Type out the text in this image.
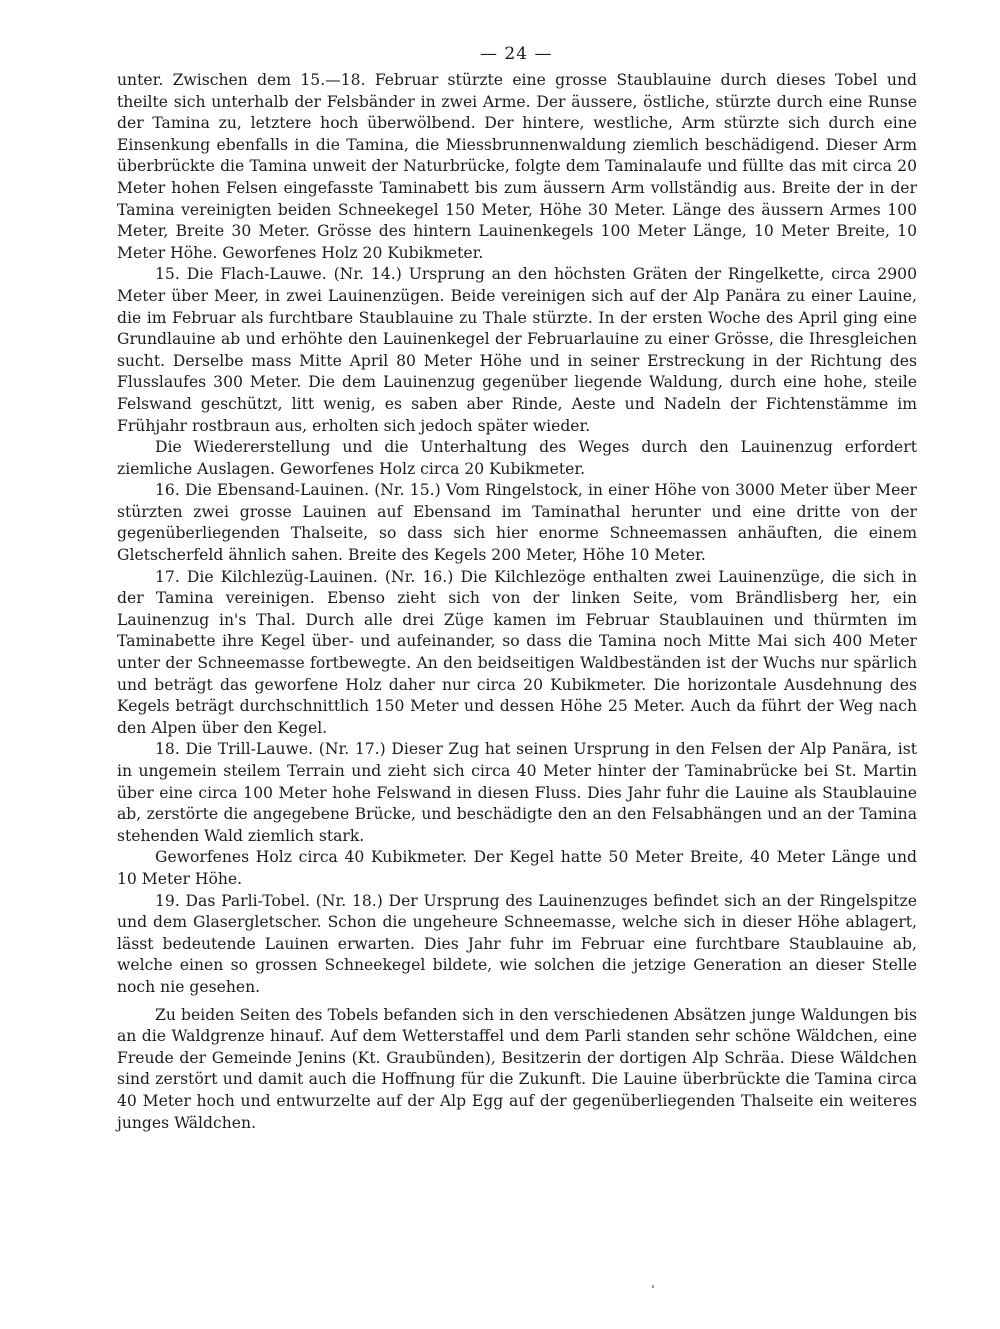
— 24 —

unter. Zwischen dem 15.—18. Februar stürzte eine grosse Staublauine durch dieses Tobel und theilte sich unterhalb der Felsbänder in zwei Arme. Der äussere, östliche, stürzte durch eine Runse der Tamina zu, letztere hoch überwölbend. Der hintere, westliche, Arm stürzte sich durch eine Einsenkung ebenfalls in die Tamina, die Miessbrunnenwaldung ziemlich beschädigend. Dieser Arm überbrückte die Tamina unweit der Naturbrücke, folgte dem Taminalaufe und füllte das mit circa 20 Meter hohen Felsen eingefasste Taminabett bis zum äussern Arm vollständig aus. Breite der in der Tamina vereinigten beiden Schneekegel 150 Meter, Höhe 30 Meter. Länge des äussern Armes 100 Meter, Breite 30 Meter. Grösse des hintern Lauinenkegels 100 Meter Länge, 10 Meter Breite, 10 Meter Höhe. Geworfenes Holz 20 Kubikmeter.

15. Die Flach-Lauwe. (Nr. 14.) Ursprung an den höchsten Gräten der Ringelkette, circa 2900 Meter über Meer, in zwei Lauinenzügen. Beide vereinigen sich auf der Alp Panära zu einer Lauine, die im Februar als furchtbare Staublauine zu Thale stürzte. In der ersten Woche des April ging eine Grundlauine ab und erhöhte den Lauinenkegel der Februarlauine zu einer Grösse, die Ihresgleichen sucht. Derselbe mass Mitte April 80 Meter Höhe und in seiner Erstreckung in der Richtung des Flusslaufes 300 Meter. Die dem Lauinenzug gegenüber liegende Waldung, durch eine hohe, steile Felswand geschützt, litt wenig, es saben aber Rinde, Aeste und Nadeln der Fichtenstämme im Frühjahr rostbraun aus, erholten sich jedoch später wieder.

Die Wiedererstellung und die Unterhaltung des Weges durch den Lauinenzug erfordert ziemliche Auslagen. Geworfenes Holz circa 20 Kubikmeter.

16. Die Ebensand-Lauinen. (Nr. 15.) Vom Ringelstock, in einer Höhe von 3000 Meter über Meer stürzten zwei grosse Lauinen auf Ebensand im Taminathal herunter und eine dritte von der gegenüberliegenden Thalseite, so dass sich hier enorme Schneemassen anhäuften, die einem Gletscherfeld ähnlich sahen. Breite des Kegels 200 Meter, Höhe 10 Meter.

17. Die Kilchlezüg-Lauinen. (Nr. 16.) Die Kilchlezöge enthalten zwei Lauinenzüge, die sich in der Tamina vereinigen. Ebenso zieht sich von der linken Seite, vom Brändlisberg her, ein Lauinenzug in's Thal. Durch alle drei Züge kamen im Februar Staublauinen und thürmten im Taminabette ihre Kegel über- und aufeinander, so dass die Tamina noch Mitte Mai sich 400 Meter unter der Schneemasse fortbewegte. An den beidseitigen Waldbeständen ist der Wuchs nur spärlich und beträgt das geworfene Holz daher nur circa 20 Kubikmeter. Die horizontale Ausdehnung des Kegels beträgt durchschnittlich 150 Meter und dessen Höhe 25 Meter. Auch da führt der Weg nach den Alpen über den Kegel.

18. Die Trill-Lauwe. (Nr. 17.) Dieser Zug hat seinen Ursprung in den Felsen der Alp Panära, ist in ungemein steilem Terrain und zieht sich circa 40 Meter hinter der Taminabrücke bei St. Martin über eine circa 100 Meter hohe Felswand in diesen Fluss. Dies Jahr fuhr die Lauine als Staublauine ab, zerstörte die angegebene Brücke, und beschädigte den an den Felsabhängen und an der Tamina stehenden Wald ziemlich stark.

Geworfenes Holz circa 40 Kubikmeter. Der Kegel hatte 50 Meter Breite, 40 Meter Länge und 10 Meter Höhe.

19. Das Parli-Tobel. (Nr. 18.) Der Ursprung des Lauinenzuges befindet sich an der Ringelspitze und dem Glasergletscher. Schon die ungeheure Schneemasse, welche sich in dieser Höhe ablagert, lässt bedeutende Lauinen erwarten. Dies Jahr fuhr im Februar eine furchtbare Staublauine ab, welche einen so grossen Schneekegel bildete, wie solchen die jetzige Generation an dieser Stelle noch nie gesehen.

Zu beiden Seiten des Tobels befanden sich in den verschiedenen Absätzen junge Waldungen bis an die Waldgrenze hinauf. Auf dem Wetterstaffel und dem Parli standen sehr schöne Wäldchen, eine Freude der Gemeinde Jenins (Kt. Graubünden), Besitzerin der dortigen Alp Schräa. Diese Wäldchen sind zerstört und damit auch die Hoffnung für die Zukunft. Die Lauine überbrückte die Tamina circa 40 Meter hoch und entwurzelte auf der Alp Egg auf der gegenüberliegenden Thalseite ein weiteres junges Wäldchen.
